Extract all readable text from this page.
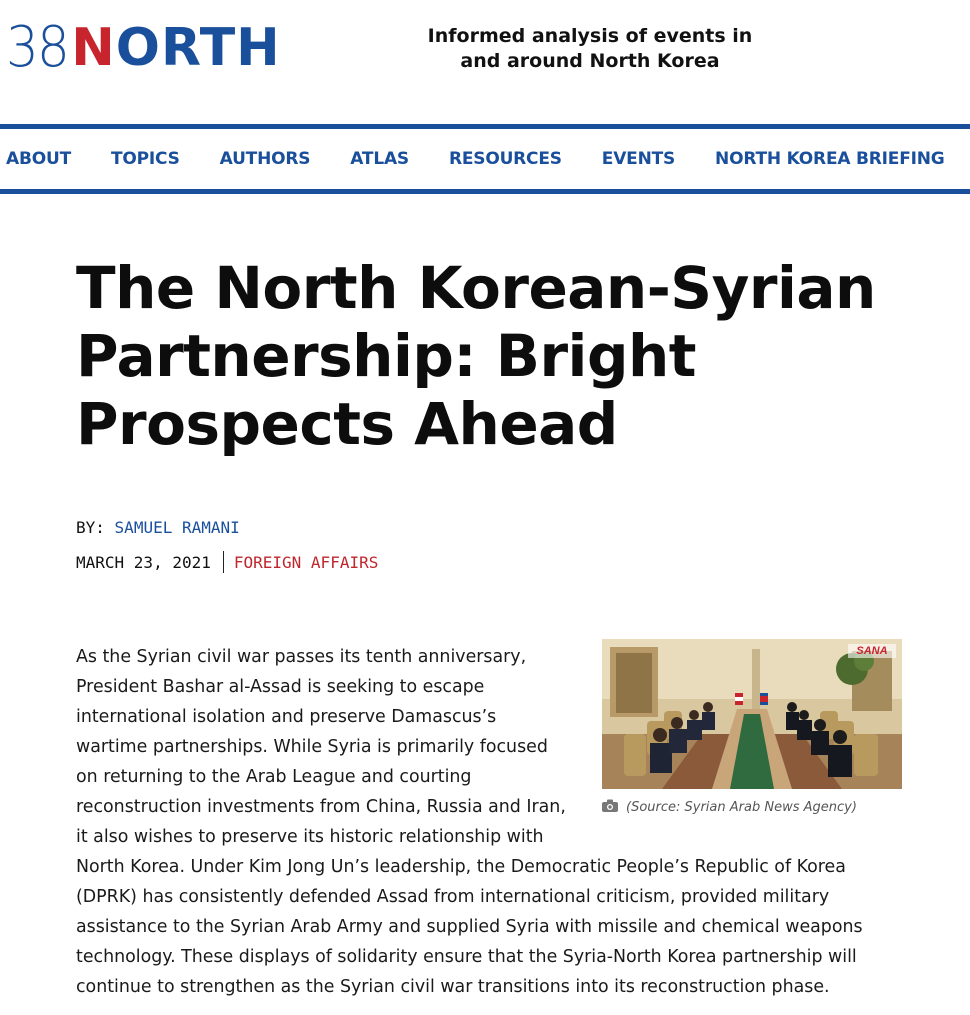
38 NORTH	Informed analysis of events in
and around North Korea
ABOUT TOPICS AUTHORS ATLAS RESOURCES EVENTS NORTH KOREA BRIEFING
The North Korean-Syrian
Partnership: Bright
Prospects Ahead
BY: SAMUEL RAMANI
MARCH 23, 2021 FOREIGN AFFAIRS
SANA
(Source: Syrian Arab News Agency)
As the Syrian civil war passes its tenth anniversary,
President Bashar al-Assad is seeking to escape
international isolation and preserve Damascus’s
wartime partnerships. While Syria is primarily focused
on returning to the Arab League and courting
reconstruction investments from China, Russia and Iran,
it also wishes to preserve its historic relationship with
North Korea. Under Kim Jong Un’s leadership, the Democratic People’s Republic of Korea
(DPRK) has consistently defended Assad from international criticism, provided military
assistance to the Syrian Arab Army and supplied Syria with missile and chemical weapons
technology. These displays of solidarity ensure that the Syria-North Korea partnership will
continue to strengthen as the Syrian civil war transitions into its reconstruction phase.
